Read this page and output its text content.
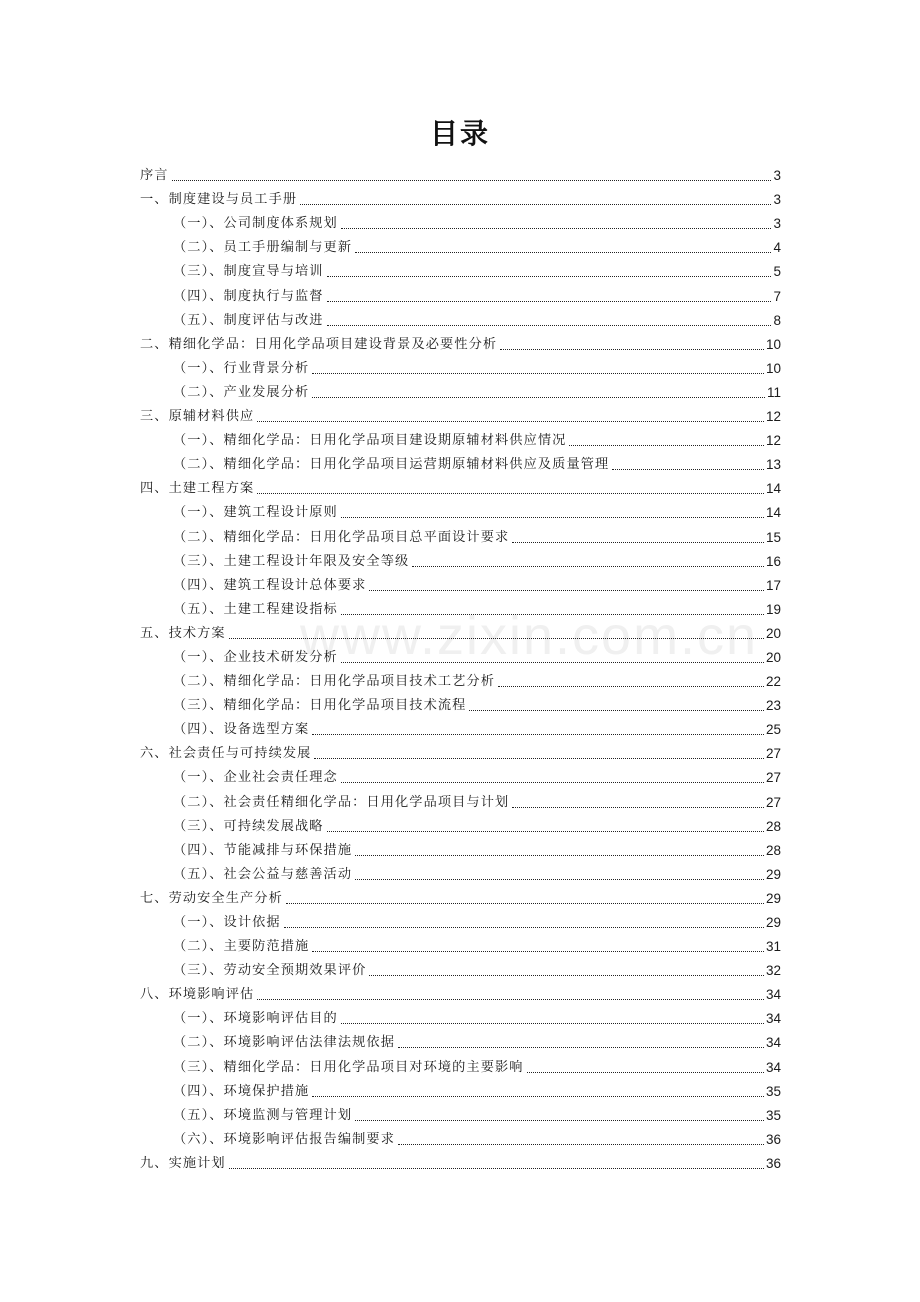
目录
www.zixin.com.cn
序言	3
一、制度建设与员工手册	3
（一）、公司制度体系规划	3
（二）、员工手册编制与更新	4
（三）、制度宣导与培训	5
（四）、制度执行与监督	7
（五）、制度评估与改进	8
二、精细化学品：日用化学品项目建设背景及必要性分析	10
（一）、行业背景分析	10
（二）、产业发展分析	11
三、原辅材料供应	12
（一）、精细化学品：日用化学品项目建设期原辅材料供应情况	12
（二）、精细化学品：日用化学品项目运营期原辅材料供应及质量管理	13
四、土建工程方案	14
（一）、建筑工程设计原则	14
（二）、精细化学品：日用化学品项目总平面设计要求	15
（三）、土建工程设计年限及安全等级	16
（四）、建筑工程设计总体要求	17
（五）、土建工程建设指标	19
五、技术方案	20
（一）、企业技术研发分析	20
（二）、精细化学品：日用化学品项目技术工艺分析	22
（三）、精细化学品：日用化学品项目技术流程	23
（四）、设备选型方案	25
六、社会责任与可持续发展	27
（一）、企业社会责任理念	27
（二）、社会责任精细化学品：日用化学品项目与计划	27
（三）、可持续发展战略	28
（四）、节能减排与环保措施	28
（五）、社会公益与慈善活动	29
七、劳动安全生产分析	29
（一）、设计依据	29
（二）、主要防范措施	31
（三）、劳动安全预期效果评价	32
八、环境影响评估	34
（一）、环境影响评估目的	34
（二）、环境影响评估法律法规依据	34
（三）、精细化学品：日用化学品项目对环境的主要影响	34
（四）、环境保护措施	35
（五）、环境监测与管理计划	35
（六）、环境影响评估报告编制要求	36
九、实施计划	36
